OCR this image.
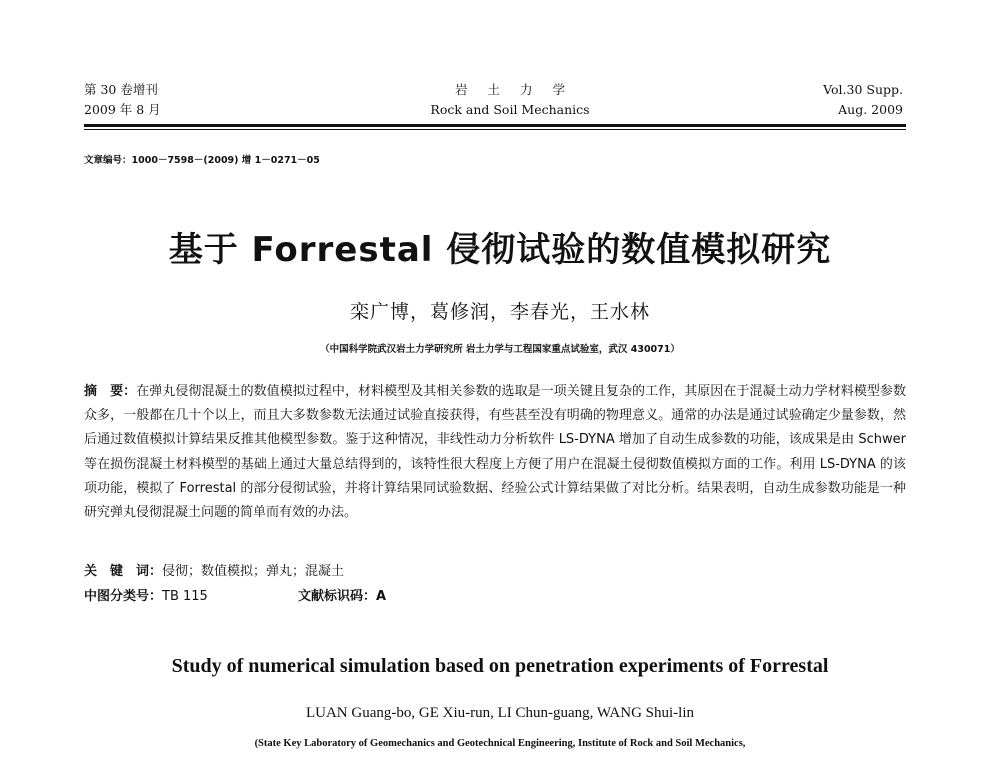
第 30 卷增刊
2009 年 8 月
岩土力学
Rock and Soil Mechanics
Vol.30 Supp.
Aug. 2009
文章编号：1000－7598－(2009) 增 1－0271－05
基于 Forrestal 侵彻试验的数值模拟研究
栾广博，葛修润，李春光，王水林
（中国科学院武汉岩土力学研究所 岩土力学与工程国家重点试验室，武汉 430071）
摘　要：在弹丸侵彻混凝土的数值模拟过程中，材料模型及其相关参数的选取是一项关键且复杂的工作，其原因在于混凝土动力学材料模型参数众多，一般都在几十个以上，而且大多数参数无法通过试验直接获得，有些甚至没有明确的物理意义。通常的办法是通过试验确定少量参数，然后通过数值模拟计算结果反推其他模型参数。鉴于这种情况，非线性动力分析软件 LS-DYNA 增加了自动生成参数的功能，该成果是由 Schwer 等在损伤混凝土材料模型的基础上通过大量总结得到的，该特性很大程度上方便了用户在混凝土侵彻数值模拟方面的工作。利用 LS-DYNA 的该项功能，模拟了 Forrestal 的部分侵彻试验，并将计算结果同试验数据、经验公式计算结果做了对比分析。结果表明，自动生成参数功能是一种研究弹丸侵彻混凝土问题的简单而有效的办法。
关　键　词：侵彻；数值模拟；弹丸；混凝土
中图分类号：TB 115	文献标识码：A
Study of numerical simulation based on penetration experiments of Forrestal
LUAN Guang-bo, GE Xiu-run, LI Chun-guang, WANG Shui-lin
(State Key Laboratory of Geomechanics and Geotechnical Engineering, Institute of Rock and Soil Mechanics,
